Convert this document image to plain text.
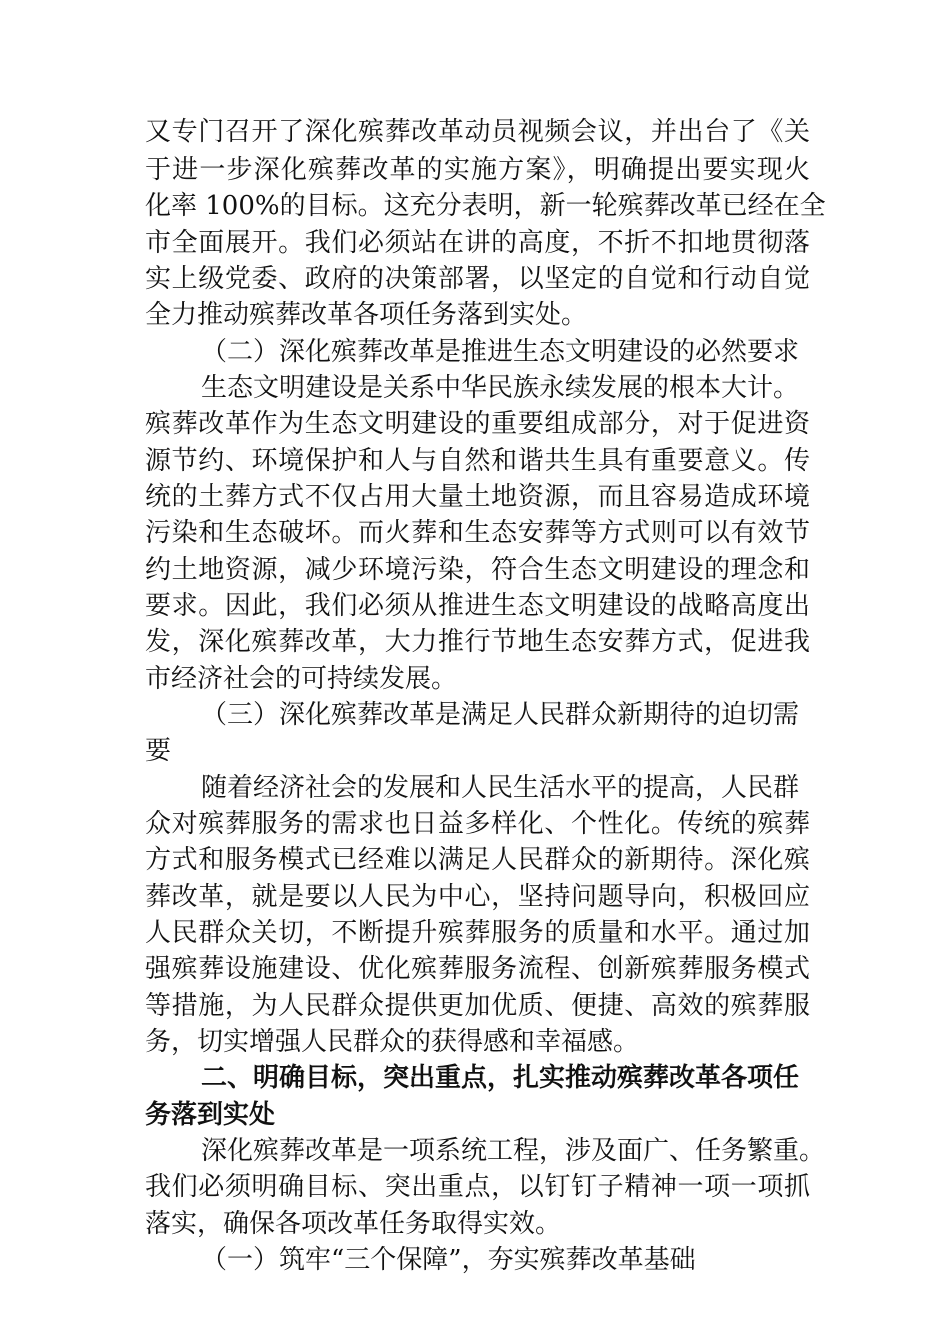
又专门召开了深化殡葬改革动员视频会议，并出台了《关
于进一步深化殡葬改革的实施方案》，明确提出要实现火
化率 100%的目标。这充分表明，新一轮殡葬改革已经在全
市全面展开。我们必须站在讲的高度，不折不扣地贯彻落
实上级党委、政府的决策部署，以坚定的自觉和行动自觉
全力推动殡葬改革各项任务落到实处。
（二）深化殡葬改革是推进生态文明建设的必然要求
生态文明建设是关系中华民族永续发展的根本大计。
殡葬改革作为生态文明建设的重要组成部分，对于促进资
源节约、环境保护和人与自然和谐共生具有重要意义。传
统的土葬方式不仅占用大量土地资源，而且容易造成环境
污染和生态破坏。而火葬和生态安葬等方式则可以有效节
约土地资源，减少环境污染，符合生态文明建设的理念和
要求。因此，我们必须从推进生态文明建设的战略高度出
发，深化殡葬改革，大力推行节地生态安葬方式，促进我
市经济社会的可持续发展。
（三）深化殡葬改革是满足人民群众新期待的迫切需
要
随着经济社会的发展和人民生活水平的提高，人民群
众对殡葬服务的需求也日益多样化、个性化。传统的殡葬
方式和服务模式已经难以满足人民群众的新期待。深化殡
葬改革，就是要以人民为中心，坚持问题导向，积极回应
人民群众关切，不断提升殡葬服务的质量和水平。通过加
强殡葬设施建设、优化殡葬服务流程、创新殡葬服务模式
等措施，为人民群众提供更加优质、便捷、高效的殡葬服
务，切实增强人民群众的获得感和幸福感。
二、明确目标，突出重点，扎实推动殡葬改革各项任
务落到实处
深化殡葬改革是一项系统工程，涉及面广、任务繁重。
我们必须明确目标、突出重点，以钉钉子精神一项一项抓
落实，确保各项改革任务取得实效。
（一）筑牢“三个保障”，夯实殡葬改革基础
